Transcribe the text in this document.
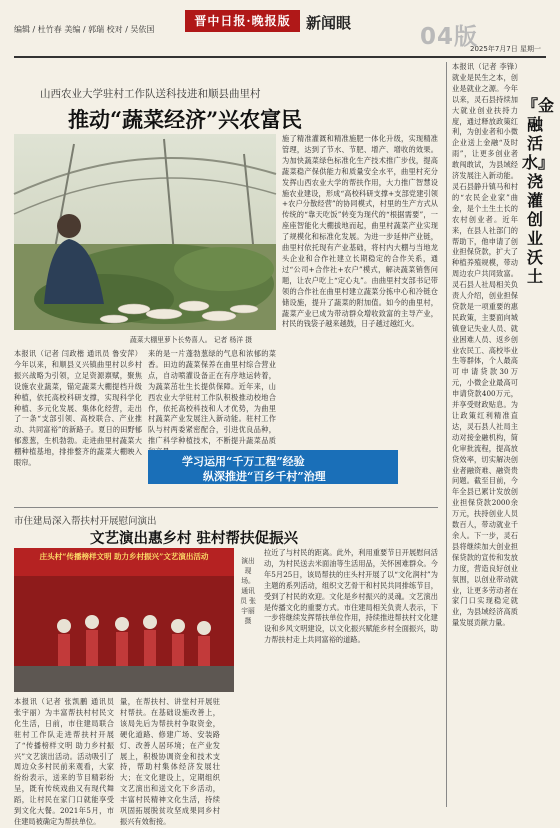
编辑 / 杜竹春 美编 / 郭瑞 校对 / 吴依国
晋中日报·晚报版	新闻眼
04版
2025年7月7日 星期一
山西农业大学驻村工作队送科技进和顺县曲里村
推动“蔬菜经济”兴农富民
蔬菜大棚里萝卜长势喜人。 记者 杨洋 摄
本报讯（记者 闫政楷 通讯员 鲁安萍）今年以来，和顺县义兴镇曲里村以乡村振兴战略为引领，立足资源禀赋，聚焦设施农业蔬菜，锚定蔬菜大棚提档升级种植，依托高校科研支撑，实现科学化种植、多元化发展、集体化经营，走出了一条“支部引领、高校联合、产业推动、共同富裕”的新路子。夏日的田野郁郁葱葱，生机勃勃。走进曲里村蔬菜大棚种植基地，排排整齐的蔬菜大棚映入眼帘。
来的是一片蓬勃葱绿的气息和浓郁的菜香。田边的蔬菜保养在曲里村综合营业点，自动喷灌设备正在有序地运转着，为蔬菜茁壮生长提供保障。近年来，山西农业大学驻村工作队积极推动校地合作，依托高校科技和人才优势，为曲里村蔬菜产业发展注入新动能。驻村工作队与村两委紧密配合，引进优良品种，推广科学种植技术，不断提升蔬菜品质
施了精准灌溉和精准施肥一体化升级，实现精准管理，达到了节水、节肥、增产、增收的效果。为加快蔬菜绿色标准化生产技术推广步伐，提高蔬菜稳产保供能力和质量安全水平，曲里村充分发挥山西农业大学的帮扶作用，大力推广智慧设施农业建设，形成“高校科研支撑+支部党建引领+农户分散经营”的协同模式，村里的生产方式从传统的“靠天吃饭”转变为现代的“根据需要”，一座座智能化大棚拔地而起，曲里村蔬菜产业实现了规模化和标准化发展。为进一步延伸产业链，曲里村依托现有产业基础，将村内大棚与当地龙头企业和合作社建立长期稳定的合作关系，通过“公司+合作社+农户”模式，解决蔬菜销售问题，让农户吃上“定心丸”。由曲里村支部书记带领的合作社在曲里村建立蔬菜分拣中心和冷链仓储设施，提升了蔬菜的附加值。如今的曲里村，蔬菜产业已成为带动群众增收致富的主导产业，村民的钱袋子越来越鼓，日子越过越红火。
学习运用“千万工程”经验
纵深推进“百乡千村”治理
市住建局深入帮扶村开展慰问演出
文艺演出惠乡村 驻村帮扶促振兴
庄头村“传播榜样文明 助力乡村振兴”文艺演出活动	演出现场。 通讯员 张宇丽 摄
本报讯（记者 张凯鹏 通讯员 张宇丽）为丰富帮扶村村民文化生活，日前，市住建局联合驻村工作队走进帮扶村开展了“传播榜样文明 助力乡村振兴”文艺演出活动。活动吸引了周边众多村民前来观看，大家纷纷表示，送来的节目精彩纷呈，既有传统戏曲又有现代舞蹈，让村民在家门口就能享受到文化大餐。2021年5月，市住建局被确定为帮扶单位。
量，在帮扶村、讲堂村开展驻村帮扶。在基础设施改善上，该局先后为帮扶村争取资金，硬化道路、修建广场、安装路灯、改善人居环境；在产业发展上，积极协调资金和技术支持，帮助村集体经济发展壮大；在文化建设上，定期组织文艺演出和送文化下乡活动，丰富村民精神文化生活，持续巩固拓展脱贫攻坚成果同乡村振兴有效衔接。
拉近了与村民的距离。此外，利用重要节日开展慰问活动，为村民送去米面油等生活用品，关怀困难群众。今年5月25日，该局帮扶的庄头村开展了以“文化润村”为主题的系列活动，组织文艺骨干和村民共同排练节目，受到了村民的欢迎。文化是乡村振兴的灵魂。文艺演出是传播文化的重要方式。市住建局相关负责人表示，下一步将继续发挥帮扶单位作用，持续推进帮扶村文化建设和乡风文明建设，以文化振兴赋能乡村全面振兴，助力帮扶村走上共同富裕的道路。
『金融活水』
浇灌创业沃土
本报讯（记者 李锋）就业是民生之本，创业是就业之源。今年以来，灵石县持续加大就业创业扶持力度，通过释放政策红利，为创业者和小微企业送上金融“及时雨”，让更多创业者敢闯敢试，为县域经济发展注入新动能。灵石县静升镇马和村的“农民企业家”曲金，是个土生土长的农村创业者。近年来，在县人社部门的帮助下，他申请了创业担保贷款，扩大了种植养殖规模，带动周边农户共同致富。灵石县人社局相关负责人介绍，创业担保贷款是一项重要的惠民政策，主要面向城镇登记失业人员、就业困难人员、返乡创业农民工、高校毕业生等群体，个人最高可申请贷款30万元，小微企业最高可申请贷款400万元，并享受财政贴息。为让政策红利精准直达，灵石县人社局主动对接金融机构，简化审批流程，提高放贷效率，切实解决创业者融资难、融资贵问题。截至目前，今年全县已累计发放创业担保贷款2000余万元，扶持创业人员数百人，带动就业千余人。下一步，灵石县将继续加大创业担保贷款的宣传和发放力度，营造良好创业氛围，以创业带动就业，让更多劳动者在家门口实现稳定就业，为县域经济高质量发展贡献力量。
